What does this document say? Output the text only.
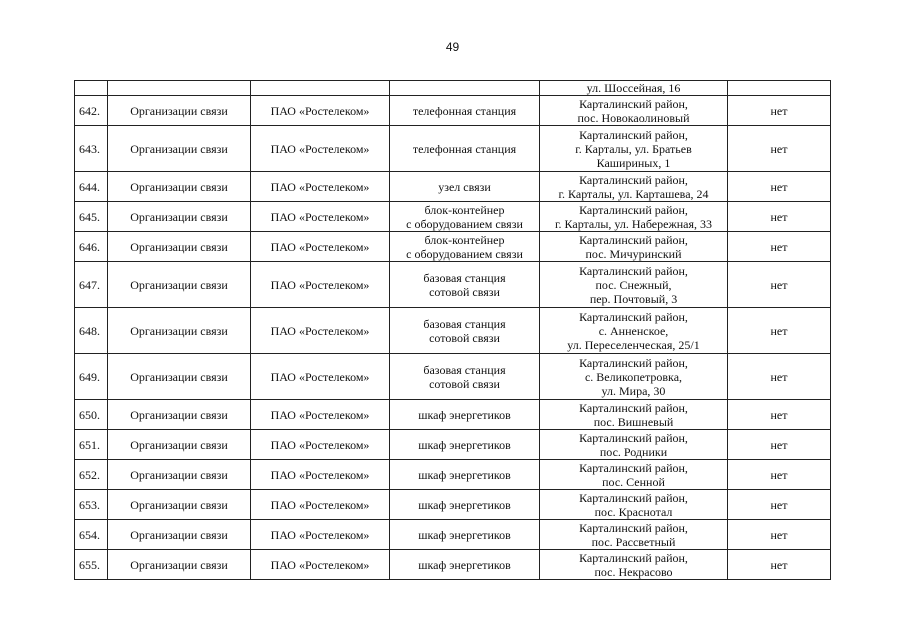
49

				ул. Шоссейная, 16	

642.	Организации связи	ПАО «Ростелеком»	телефонная станция	Карталинский район,
пос. Новокаолиновый	нет
643.	Организации связи	ПАО «Ростелеком»	телефонная станция	Карталинский район,
г. Карталы, ул. Братьев
Кашириных, 1	нет
644.	Организации связи	ПАО «Ростелеком»	узел связи	Карталинский район,
г. Карталы, ул. Карташева, 24	нет
645.	Организации связи	ПАО «Ростелеком»	блок-контейнер
с оборудованием связи	Карталинский район,
г. Карталы, ул. Набережная, 33	нет
646.	Организации связи	ПАО «Ростелеком»	блок-контейнер
с оборудованием связи	Карталинский район,
пос. Мичуринский	нет
647.	Организации связи	ПАО «Ростелеком»	базовая станция
сотовой связи	Карталинский район,
пос. Снежный,
пер. Почтовый, 3	нет
648.	Организации связи	ПАО «Ростелеком»	базовая станция
сотовой связи	Карталинский район,
с. Анненское,
ул. Переселенческая, 25/1	нет
649.	Организации связи	ПАО «Ростелеком»	базовая станция
сотовой связи	Карталинский район,
с. Великопетровка,
ул. Мира, 30	нет
650.	Организации связи	ПАО «Ростелеком»	шкаф энергетиков	Карталинский район,
пос. Вишневый	нет
651.	Организации связи	ПАО «Ростелеком»	шкаф энергетиков	Карталинский район,
пос. Родники	нет
652.	Организации связи	ПАО «Ростелеком»	шкаф энергетиков	Карталинский район,
пос. Сенной	нет
653.	Организации связи	ПАО «Ростелеком»	шкаф энергетиков	Карталинский район,
пос. Краснотал	нет
654.	Организации связи	ПАО «Ростелеком»	шкаф энергетиков	Карталинский район,
пос. Рассветный	нет
655.	Организации связи	ПАО «Ростелеком»	шкаф энергетиков	Карталинский район,
пос. Некрасово	нет
